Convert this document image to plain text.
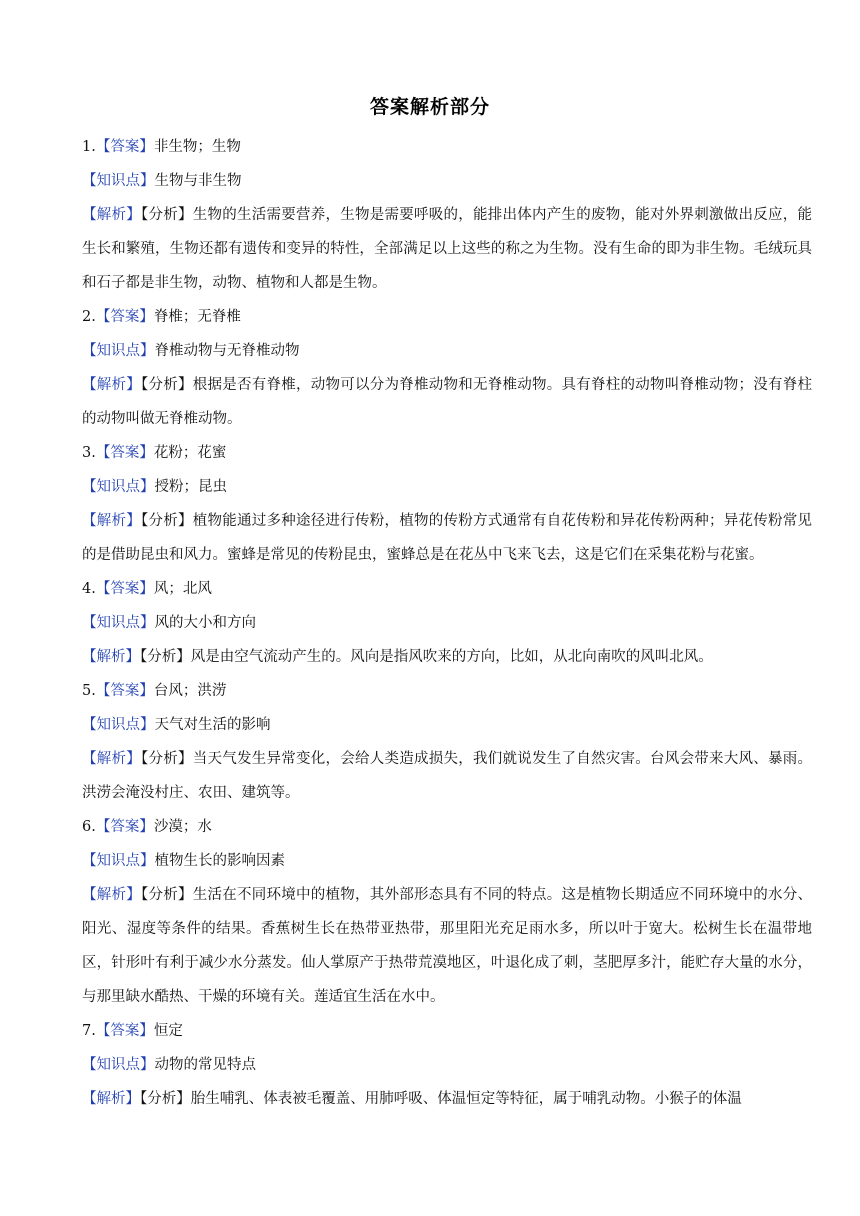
答案解析部分
1.【答案】非生物；生物
【知识点】生物与非生物
【解析】【分析】生物的生活需要营养，生物是需要呼吸的，能排出体内产生的废物，能对外界刺激做出反应，能生长和繁殖，生物还都有遗传和变异的特性，全部满足以上这些的称之为生物。没有生命的即为非生物。毛绒玩具和石子都是非生物，动物、植物和人都是生物。
2.【答案】脊椎；无脊椎
【知识点】脊椎动物与无脊椎动物
【解析】【分析】根据是否有脊椎，动物可以分为脊椎动物和无脊椎动物。具有脊柱的动物叫脊椎动物；没有脊柱的动物叫做无脊椎动物。
3.【答案】花粉；花蜜
【知识点】授粉；昆虫
【解析】【分析】植物能通过多种途径进行传粉，植物的传粉方式通常有自花传粉和异花传粉两种；异花传粉常见的是借助昆虫和风力。蜜蜂是常见的传粉昆虫，蜜蜂总是在花丛中飞来飞去，这是它们在采集花粉与花蜜。
4.【答案】风；北风
【知识点】风的大小和方向
【解析】【分析】风是由空气流动产生的。风向是指风吹来的方向，比如，从北向南吹的风叫北风。
5.【答案】台风；洪涝
【知识点】天气对生活的影响
【解析】【分析】当天气发生异常变化，会给人类造成损失，我们就说发生了自然灾害。台风会带来大风、暴雨。洪涝会淹没村庄、农田、建筑等。
6.【答案】沙漠；水
【知识点】植物生长的影响因素
【解析】【分析】生活在不同环境中的植物，其外部形态具有不同的特点。这是植物长期适应不同环境中的水分、阳光、湿度等条件的结果。香蕉树生长在热带亚热带，那里阳光充足雨水多，所以叶于宽大。松树生长在温带地区，针形叶有利于减少水分蒸发。仙人掌原产于热带荒漠地区，叶退化成了刺，茎肥厚多汁，能贮存大量的水分，与那里缺水酷热、干燥的环境有关。莲适宜生活在水中。
7.【答案】恒定
【知识点】动物的常见特点
【解析】【分析】胎生哺乳、体表被毛覆盖、用肺呼吸、体温恒定等特征，属于哺乳动物。小猴子的体温
